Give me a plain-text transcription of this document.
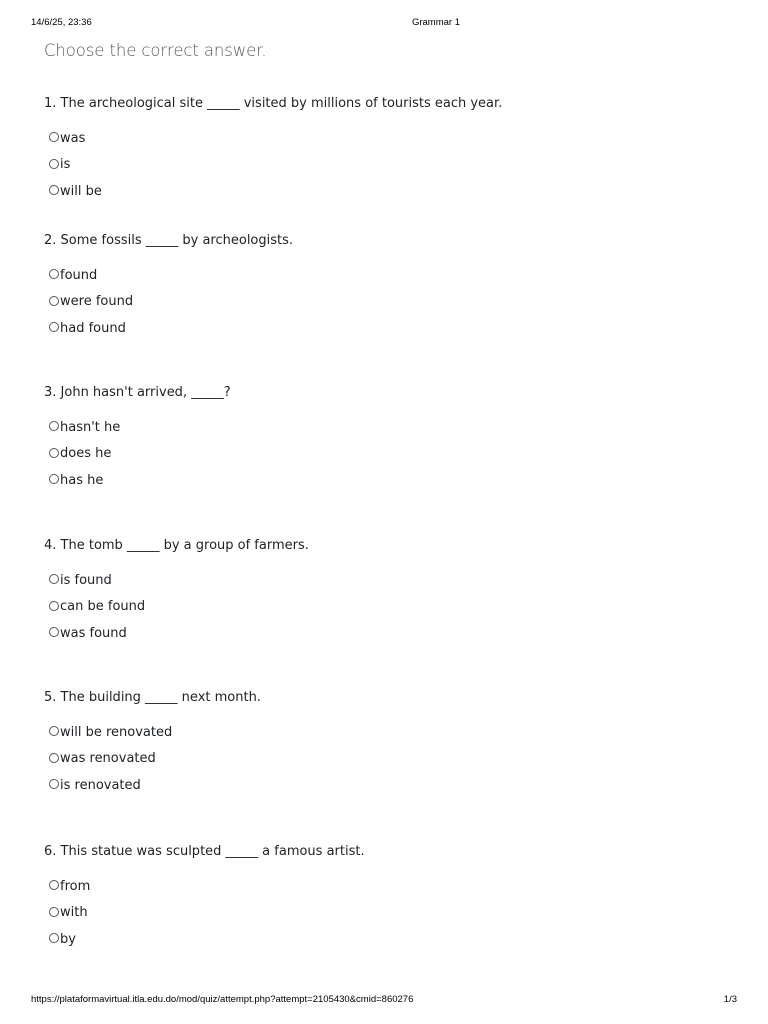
14/6/25, 23:36	Grammar 1
Choose the correct answer.

1. The archeological site _____ visited by millions of tourists each year.

was
is
will be

2. Some fossils _____ by archeologists.

found
were found
had found

3. John hasn't arrived, _____?

hasn't he
does he
has he

4. The tomb _____ by a group of farmers.

is found
can be found
was found

5. The building _____ next month.

will be renovated
was renovated
is renovated

6. This statue was sculpted _____ a famous artist.

from
with
by
https://plataformavirtual.itla.edu.do/mod/quiz/attempt.php?attempt=2105430&cmid=860276	1/3
